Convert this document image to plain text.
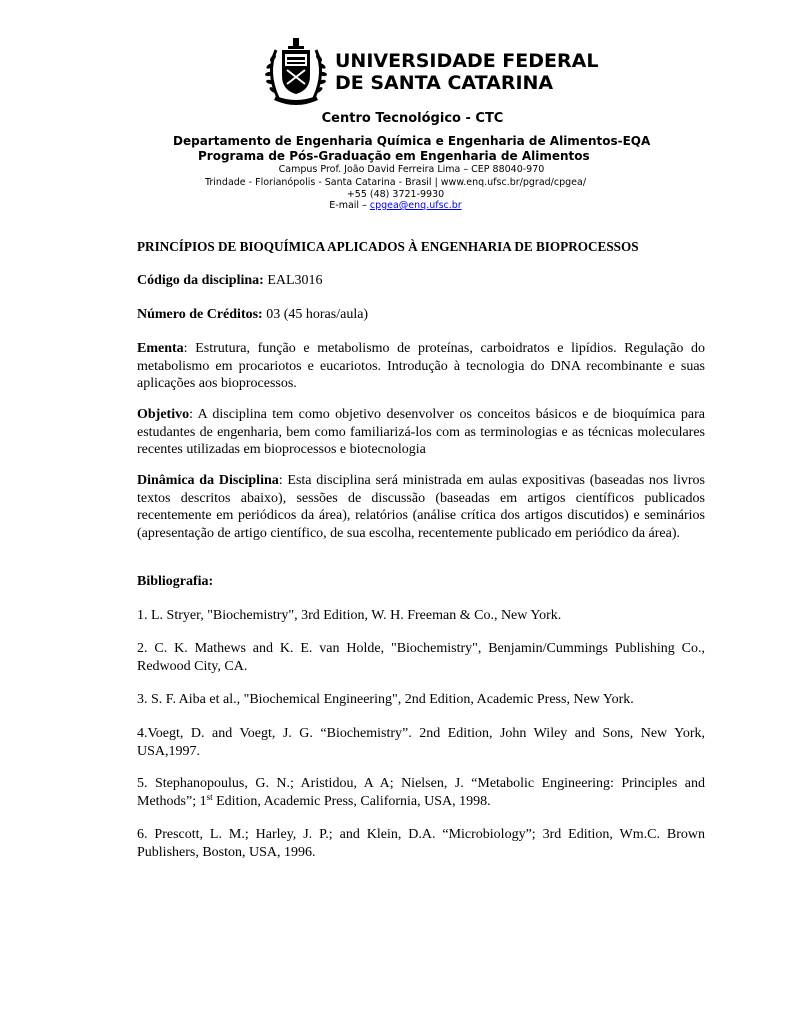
UNIVERSIDADE FEDERAL
DE SANTA CATARINA
Centro Tecnológico - CTC
Departamento de Engenharia Química e Engenharia de Alimentos-EQA
Programa de Pós-Graduação em Engenharia de Alimentos
Campus Prof. João David Ferreira Lima – CEP 88040-970
Trindade - Florianópolis - Santa Catarina - Brasil | www.enq.ufsc.br/pgrad/cpgea/
+55 (48) 3721-9930
E-mail – cpgea@enq.ufsc.br
PRINCÍPIOS DE BIOQUÍMICA APLICADOS À ENGENHARIA DE BIOPROCESSOS
Código da disciplina: EAL3016
Número de Créditos: 03 (45 horas/aula)
Ementa: Estrutura, função e metabolismo de proteínas, carboidratos e lipídios. Regulação do metabolismo em procariotos e eucariotos. Introdução à tecnologia do DNA recombinante e suas aplicações aos bioprocessos.
Objetivo: A disciplina tem como objetivo desenvolver os conceitos básicos e de bioquímica para estudantes de engenharia, bem como familiarizá-los com as terminologias e as técnicas moleculares recentes utilizadas em bioprocessos e biotecnologia
Dinâmica da Disciplina: Esta disciplina será ministrada em aulas expositivas (baseadas nos livros textos descritos abaixo), sessões de discussão (baseadas em artigos científicos publicados recentemente em periódicos da área), relatórios (análise crítica dos artigos discutidos) e seminários (apresentação de artigo científico, de sua escolha, recentemente publicado em periódico da área).
Bibliografia:
1. L. Stryer, "Biochemistry", 3rd Edition, W. H. Freeman & Co., New York.
2. C. K. Mathews and K. E. van Holde, "Biochemistry", Benjamin/Cummings Publishing Co., Redwood City, CA.
3. S. F. Aiba et al., "Biochemical Engineering", 2nd Edition, Academic Press, New York.
4.Voegt, D. and Voegt, J. G. “Biochemistry”. 2nd Edition, John Wiley and Sons, New York, USA,1997.
5. Stephanopoulus, G. N.; Aristidou, A A; Nielsen, J. “Metabolic Engineering: Principles and Methods”; 1st Edition, Academic Press, California, USA, 1998.
6. Prescott, L. M.; Harley, J. P.; and Klein, D.A. “Microbiology”; 3rd Edition, Wm.C. Brown Publishers, Boston, USA, 1996.
